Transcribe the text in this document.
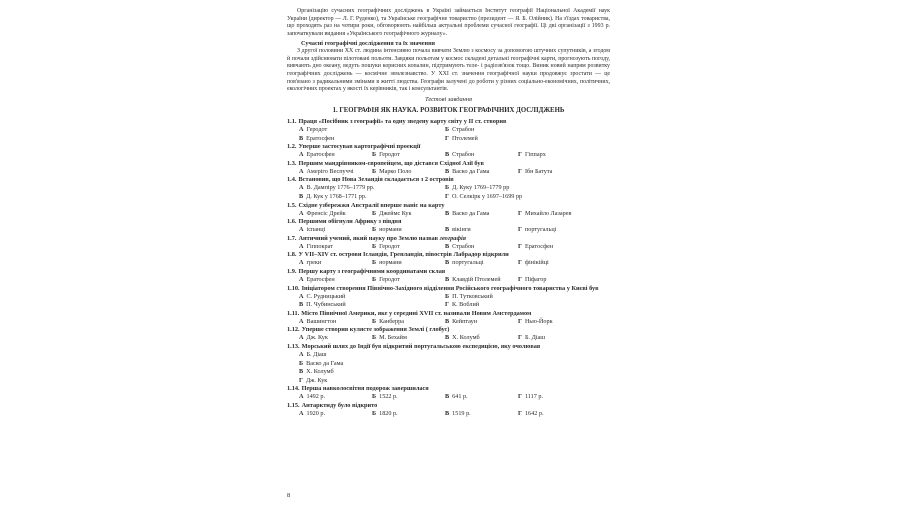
Організацію сучасних географічних досліджень в Україні займається Інститут географії Національної Академії наук України (директор — Л. Г. Руденко), та Українське географічне товариство (президент — Я. Б. Олійник). На з'їздах товариства, що проходять раз на чотири роки, обговорюють найбільш актуальні проблеми сучасної географії. Ці дві організації з 1993 р. започаткували видання «Українського географічного журналу».

Сучасні географічні дослідження та їх значення

З другої половини XX ст. людина інтенсивно почала вивчати Землю з космосу за допомогою штучних супутників, а згодом й почали здійснювати пілотовані польоти. Завдяки польотам у космос складені детальні географічні карти, прогнозують погоду, вивчають дно океану, ведуть пошуки корисних копалин, підтримують теле- і радіозв'язок тощо. Виник новий напрям розвитку географічних досліджень — космічне землезнавство. У XXI ст. значення географічної науки продовжує зростати — це пов'язано з радикальними змінами в житті людства. Географи залучені до роботи у різних соціально-економічних, політичних, екологічних проектах у якості їх керівників, так і консультантів.

Тестові завдання
1. ГЕОГРАФІЯ ЯК НАУКА. РОЗВИТОК ГЕОГРАФІЧНИХ ДОСЛІДЖЕНЬ
1.1. Праця «Посібник з географії» та одну зведену карту світу у II ст. створив
А Геродот	Б Страбон
В Ератосфен	Г Птолемей
1.2. Уперше застосував картографічні проекції
А Ератосфен	Б Геродот	В Страбон	Г Гіппарх
1.3. Першим мандрівником-європейцем, що дістався Східної Азії був
А Амеріго Веспуччі	Б Марко Поло	В Васко да Гама	Г Ібн Батута
1.4. Встановив, що Нова Зеландія складається з 2 островів
А В. Дампіру 1776–1779 рр.	Б Д. Куку 1769–1779 рр
В Д. Кук у 1768–1771 рр.	Г О. Селкірк у 1697–1699 рр
1.5. Східне узбережжя Австралії вперше наніс на карту
А Френсіс Дрейк	Б Джеймс Кук	В Васко да Гама	Г Михайло Лазарев
1.6. Першими обігнули Африку з півдня
А іспанці	Б нормани	В вікінги	Г португальці
1.7. Античний учений, який науку про Землю назвав географія
А Гіппократ	Б Геродот	В Страбон	Г Ератосфен
1.8. У VII–XIV ст. острови Ісландія, Гренландія, півострів Лабрадор відкрили
А греки	Б нормани	В португальці	Г фінікійці
1.9. Першу карту з географічними координатами склав
А Ератосфен	Б Геродот	В Клавдій Птолемей	Г Піфагор
1.10. Ініціатором створення Північно-Західного відділення Російського географічного товариства у Києві був
А С. Рудницький	Б П. Тутковський
В П. Чубинський	Г К. Воблий
1.11. Місто Північної Америки, яке у середині XVII ст. називали Новим Амстердамом
А Вашингтон	Б Канберра	В Кейптаун	Г Нью-Йорк
1.12. Уперше створив кулясте зображення Землі ( глобус)
А Дж. Кук	Б М. Бехайм	В Х. Колумб	Г Б. Діаш
1.13. Морський шлях до Індії був відкритий португальською експедицією, яку очолював
А Б. Діаш
Б Васко да Гама
В Х. Колумб
Г Дж. Кук
1.14. Перша навколосвітня подорож завершилася
А 1492 р.	Б 1522 р.	В 641 р.	Г 1117 р.
1.15. Антарктиду було відкрито
А 1920 р.	Б 1820 р.	В 1519 р.	Г 1642 р.
8
